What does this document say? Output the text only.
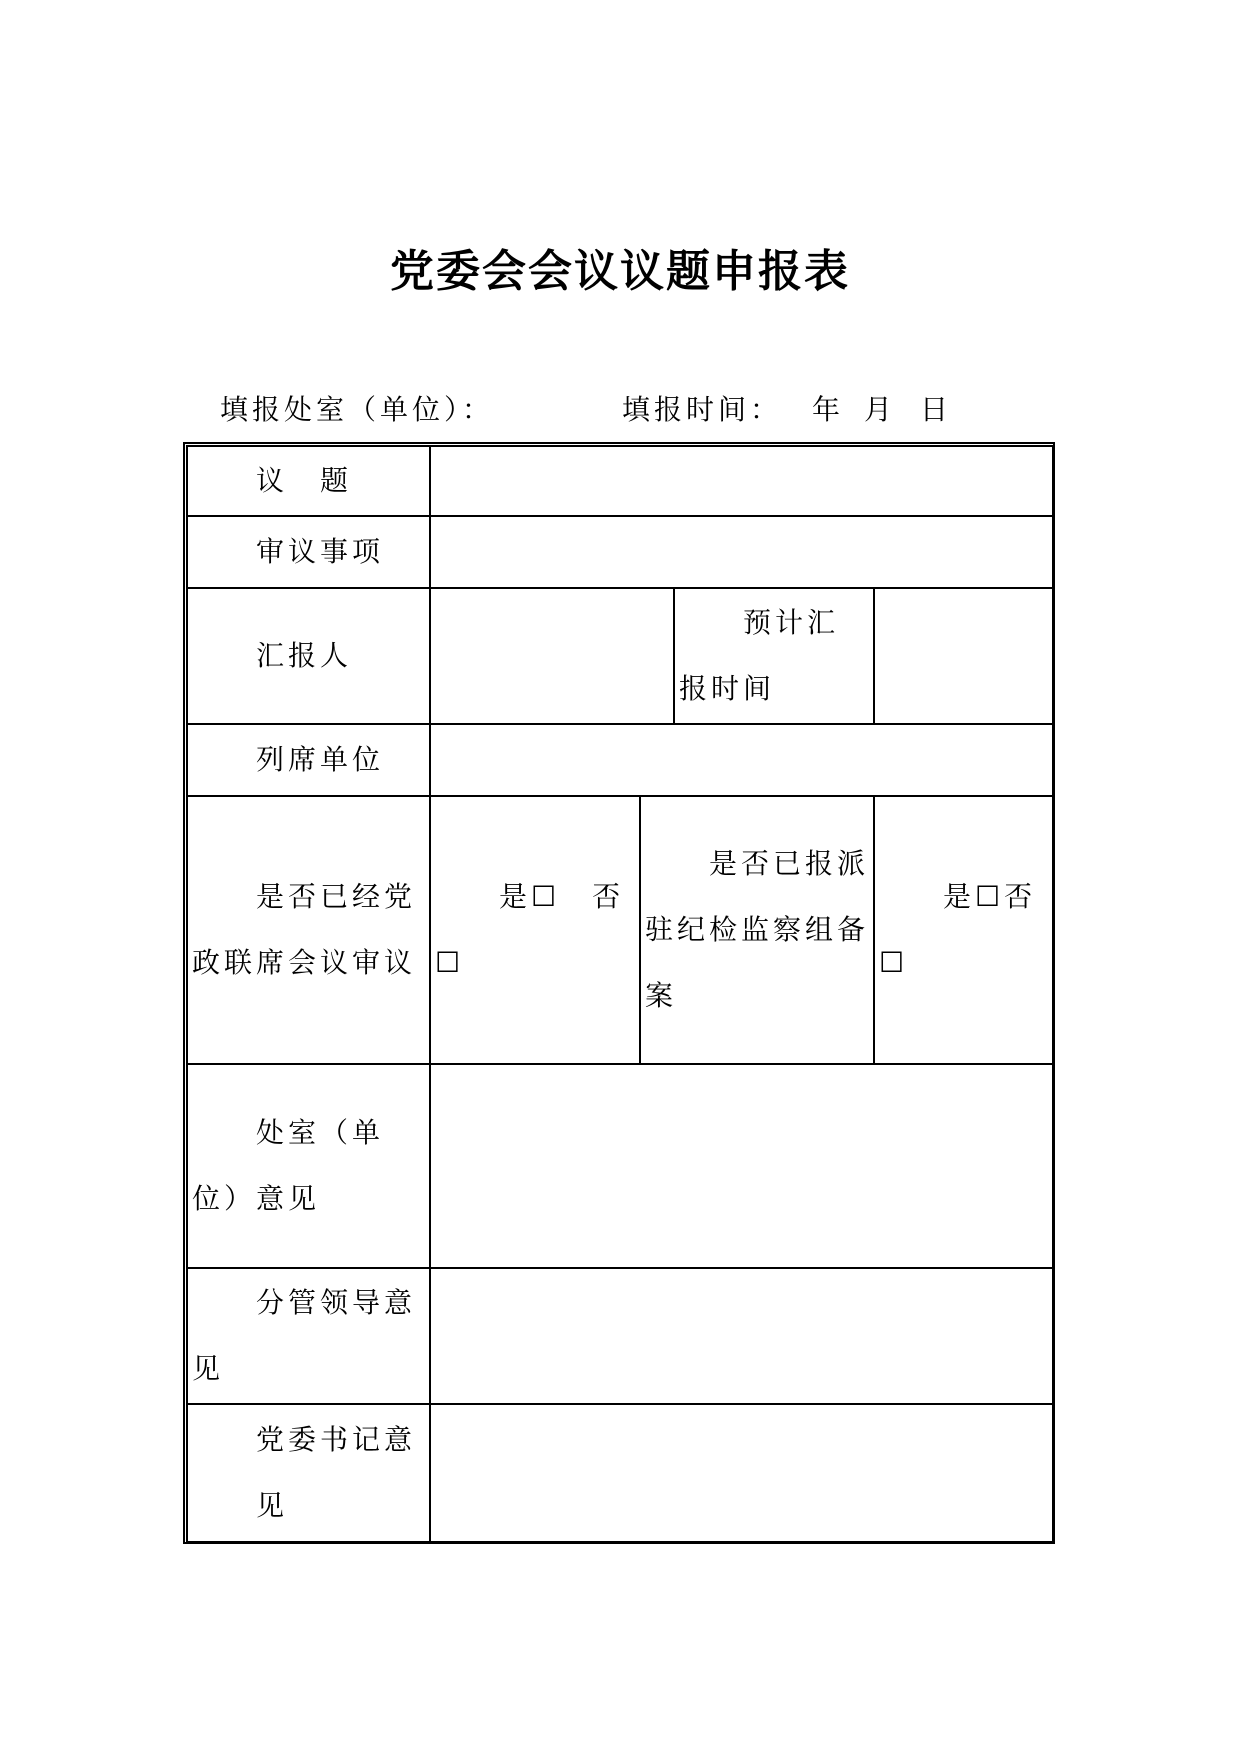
党委会会议议题申报表
填报处室（单位）：	填报时间： 年 月 日
议　题				
审议事项				
汇报人			预计汇报时间	
列席单位				
是否已经党政联席会议审议	是☐　否☐	是否已报派驻纪检监察组备案		是☐否☐
处室（单位）意见				
分管领导意见				
党委书记意见				
